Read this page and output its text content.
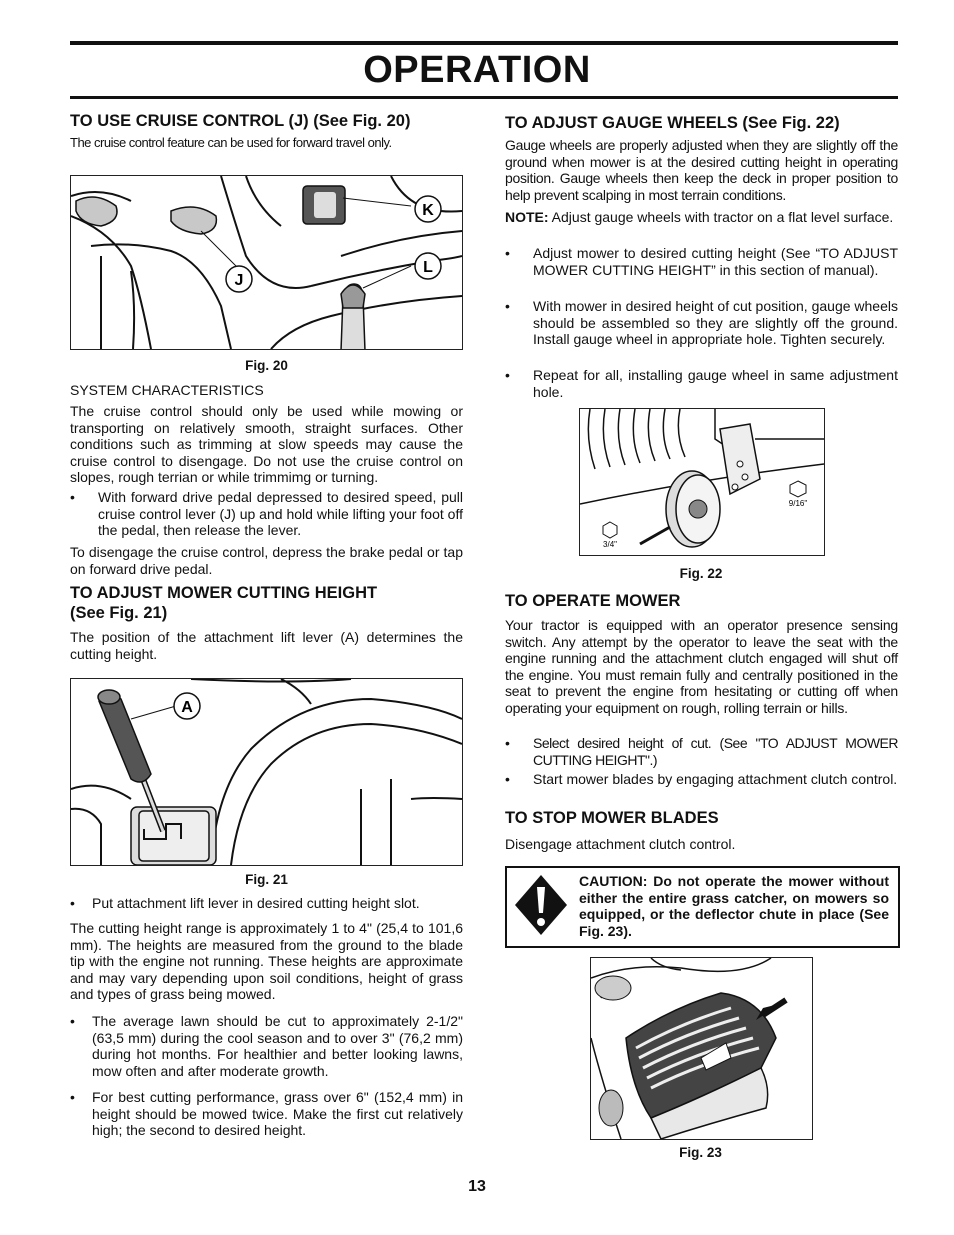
OPERATION
TO USE CRUISE CONTROL (J) (See Fig. 20)

The cruise control feature can be used for forward travel only.

J
K
L
Fig. 20

SYSTEM CHARACTERISTICS

The cruise control should only be used while mowing or transporting on relatively smooth, straight surfaces. Other conditions such as trimming at slow speeds may cause the cruise control to disengage. Do not use the cruise control on slopes, rough terrian or while trimmimg or turning.

• With forward drive pedal depressed to desired speed, pull cruise control lever (J) up and hold while lifting your foot off the pedal, then release the lever.

To disengage the cruise control, depress the brake pedal or tap on forward drive pedal.

TO ADJUST MOWER CUTTING HEIGHT
(See Fig. 21)

The position of the attachment lift lever (A) determines the cutting height.

A
Fig. 21
• Put attachment lift lever in desired cutting height slot.

The cutting height range is approximately 1 to 4" (25,4 to 101,6 mm). The heights are measured from the ground to the blade tip with the engine not running. These heights are approximate and may vary depending upon soil conditions, height of grass and types of grass being mowed.

• The average lawn should be cut to approximately 2-1/2" (63,5 mm) during the cool season and to over 3" (76,2 mm) during hot months. For healthier and better looking lawns, mow often and after moderate growth.
• For best cutting performance, grass over 6" (152,4 mm) in height should be mowed twice. Make the first cut relatively high; the second to desired height.
TO ADJUST GAUGE WHEELS (See Fig. 22)

Gauge wheels are properly adjusted when they are slightly off the ground when mower is at the desired cutting height in operating position. Gauge wheels then keep the deck in proper position to help prevent scalping in most terrain conditions.

NOTE: Adjust gauge wheels with tractor on a flat level surface.

• Adjust mower to desired cutting height (See “TO ADJUST MOWER CUTTING HEIGHT” in this section of manual).
• With mower in desired height of cut position, gauge wheels should be assembled so they are slightly off the ground. Install gauge wheel in appropriate hole. Tighten securely.
• Repeat for all, installing gauge wheel in same adjustment hole.
9/16"
3/4"
Fig. 22
TO OPERATE MOWER

Your tractor is equipped with an operator presence sensing switch. Any attempt by the operator to leave the seat with the engine running and the attachment clutch engaged will shut off the engine. You must remain fully and centrally positioned in the seat to prevent the engine from hesitating or cutting off when operating your equipment on rough, rolling terrain or hills.

• Select desired height of cut. (See "TO ADJUST MOWER CUTTING HEIGHT".)
• Start mower blades by engaging attachment clutch control.
TO STOP MOWER BLADES

Disengage attachment clutch control.

CAUTION: Do not operate the mower without either the entire grass catcher, on mowers so equipped, or the deflector chute in place (See Fig. 23).
Fig. 23
13
